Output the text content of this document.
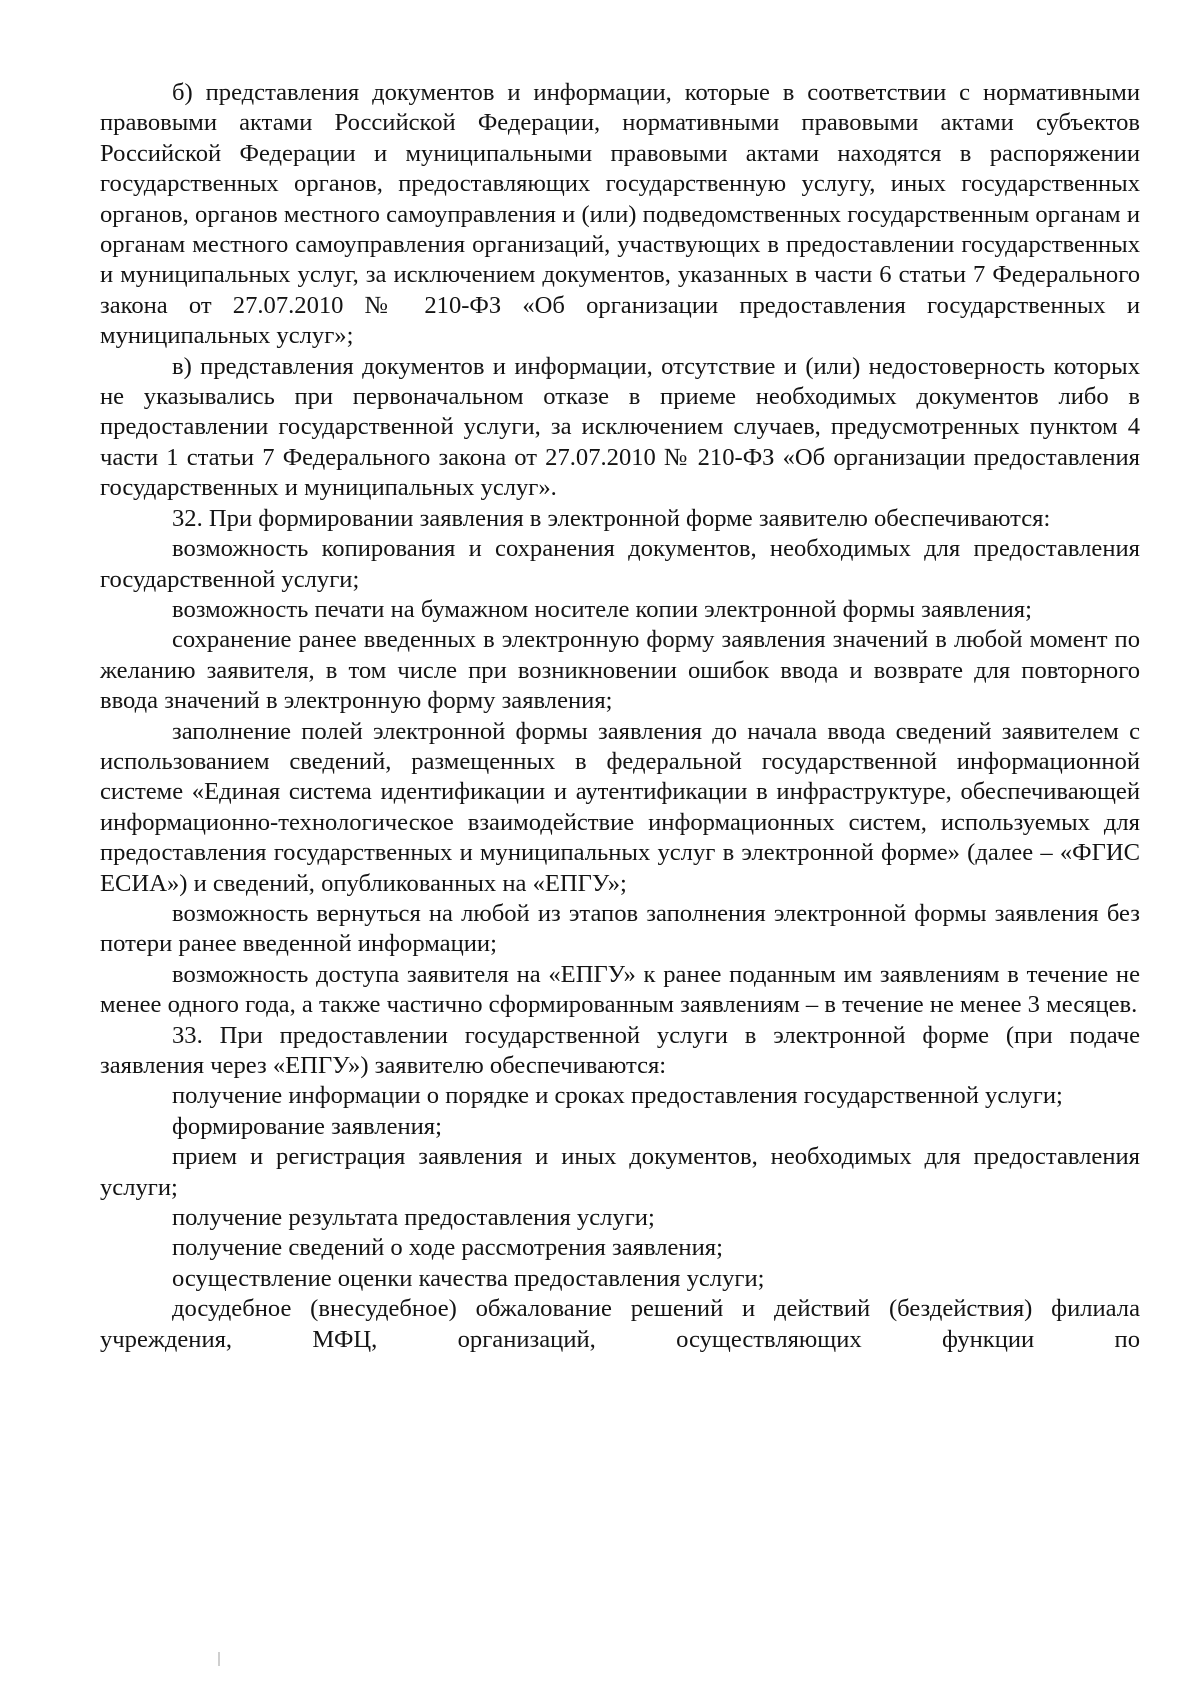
б) представления документов и информации, которые в соответствии с нормативными правовыми актами Российской Федерации, нормативными правовыми актами субъектов Российской Федерации и муниципальными правовыми актами находятся в распоряжении государственных органов, предоставляющих государственную услугу, иных государственных органов, органов местного самоуправления и (или) подведомственных государственным органам и органам местного самоуправления организаций, участвующих в предоставлении государственных и муниципальных услуг, за исключением документов, указанных в части 6 статьи 7 Федерального закона от 27.07.2010 № 210-ФЗ «Об организации предоставления государственных и муниципальных услуг»;

в) представления документов и информации, отсутствие и (или) недостоверность которых не указывались при первоначальном отказе в приеме необходимых документов либо в предоставлении государственной услуги, за исключением случаев, предусмотренных пунктом 4 части 1 статьи 7 Федерального закона от 27.07.2010 № 210-ФЗ «Об организации предоставления государственных и муниципальных услуг».

32. При формировании заявления в электронной форме заявителю обеспечиваются:

возможность копирования и сохранения документов, необходимых для предоставления государственной услуги;

возможность печати на бумажном носителе копии электронной формы заявления;

сохранение ранее введенных в электронную форму заявления значений в любой момент по желанию заявителя, в том числе при возникновении ошибок ввода и возврате для повторного ввода значений в электронную форму заявления;

заполнение полей электронной формы заявления до начала ввода сведений заявителем с использованием сведений, размещенных в федеральной государственной информационной системе «Единая система идентификации и аутентификации в инфраструктуре, обеспечивающей информационно-технологическое взаимодействие информационных систем, используемых для предоставления государственных и муниципальных услуг в электронной форме» (далее – «ФГИС ЕСИА») и сведений, опубликованных на «ЕПГУ»;

возможность вернуться на любой из этапов заполнения электронной формы заявления без потери ранее введенной информации;

возможность доступа заявителя на «ЕПГУ» к ранее поданным им заявлениям в течение не менее одного года, а также частично сформированным заявлениям – в течение не менее 3 месяцев.

33. При предоставлении государственной услуги в электронной форме (при подаче заявления через «ЕПГУ») заявителю обеспечиваются:

получение информации о порядке и сроках предоставления государственной услуги;

формирование заявления;

прием и регистрация заявления и иных документов, необходимых для предоставления услуги;

получение результата предоставления услуги;

получение сведений о ходе рассмотрения заявления;

осуществление оценки качества предоставления услуги;

досудебное (внесудебное) обжалование решений и действий (бездействия) филиала учреждения, МФЦ, организаций, осуществляющих функции по
